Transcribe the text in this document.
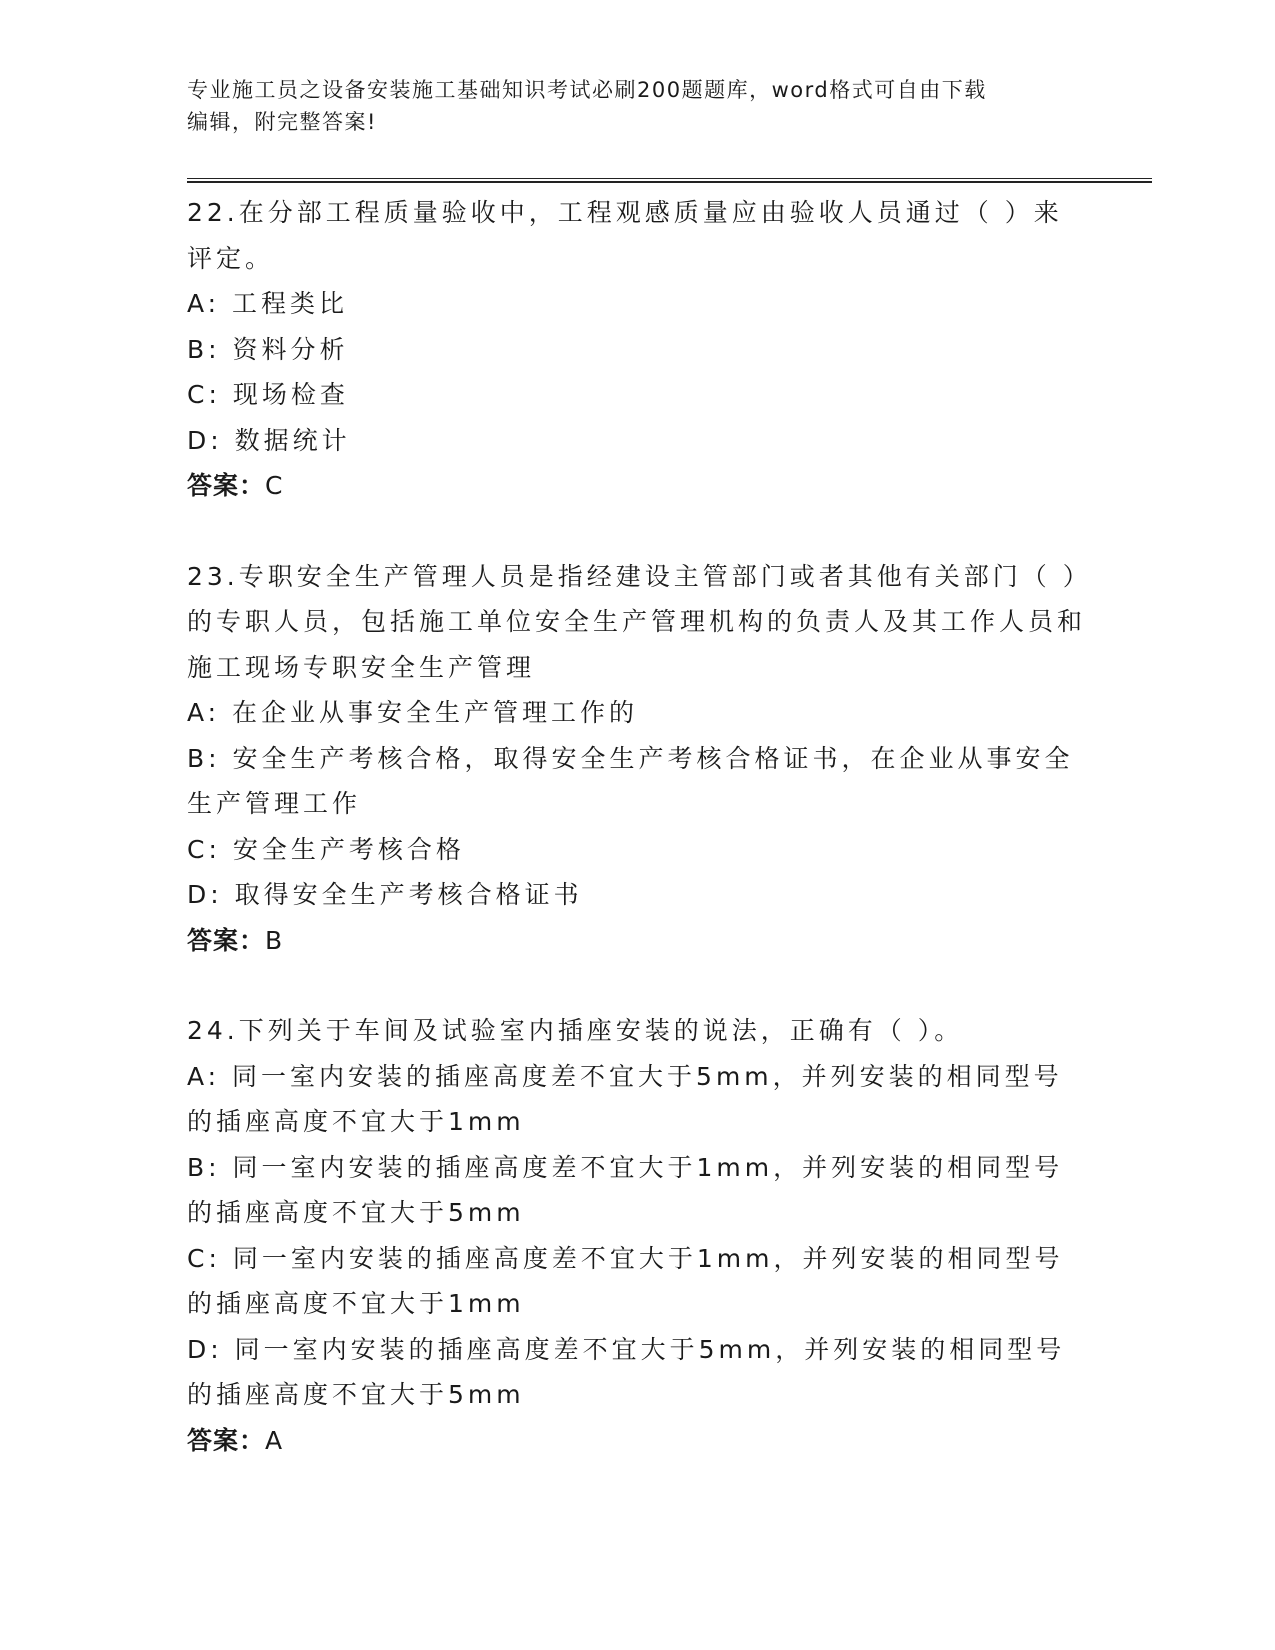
专业施工员之设备安装施工基础知识考试必刷200题题库，word格式可自由下载
编辑，附完整答案!

22.在分部工程质量验收中，工程观感质量应由验收人员通过（ ）来评定。

A: 工程类比

B: 资料分析

C: 现场检查

D: 数据统计

答案：C

23.专职安全生产管理人员是指经建设主管部门或者其他有关部门（ ）的专职人员，包括施工单位安全生产管理机构的负责人及其工作人员和施工现场专职安全生产管理

A: 在企业从事安全生产管理工作的

B: 安全生产考核合格，取得安全生产考核合格证书，在企业从事安全生产管理工作

C: 安全生产考核合格

D: 取得安全生产考核合格证书

答案：B

24.下列关于车间及试验室内插座安装的说法，正确有（ ）。

A: 同一室内安装的插座高度差不宜大于5mm，并列安装的相同型号的插座高度不宜大于1mm

B: 同一室内安装的插座高度差不宜大于1mm，并列安装的相同型号的插座高度不宜大于5mm

C: 同一室内安装的插座高度差不宜大于1mm，并列安装的相同型号的插座高度不宜大于1mm

D: 同一室内安装的插座高度差不宜大于5mm，并列安装的相同型号的插座高度不宜大于5mm

答案：A
